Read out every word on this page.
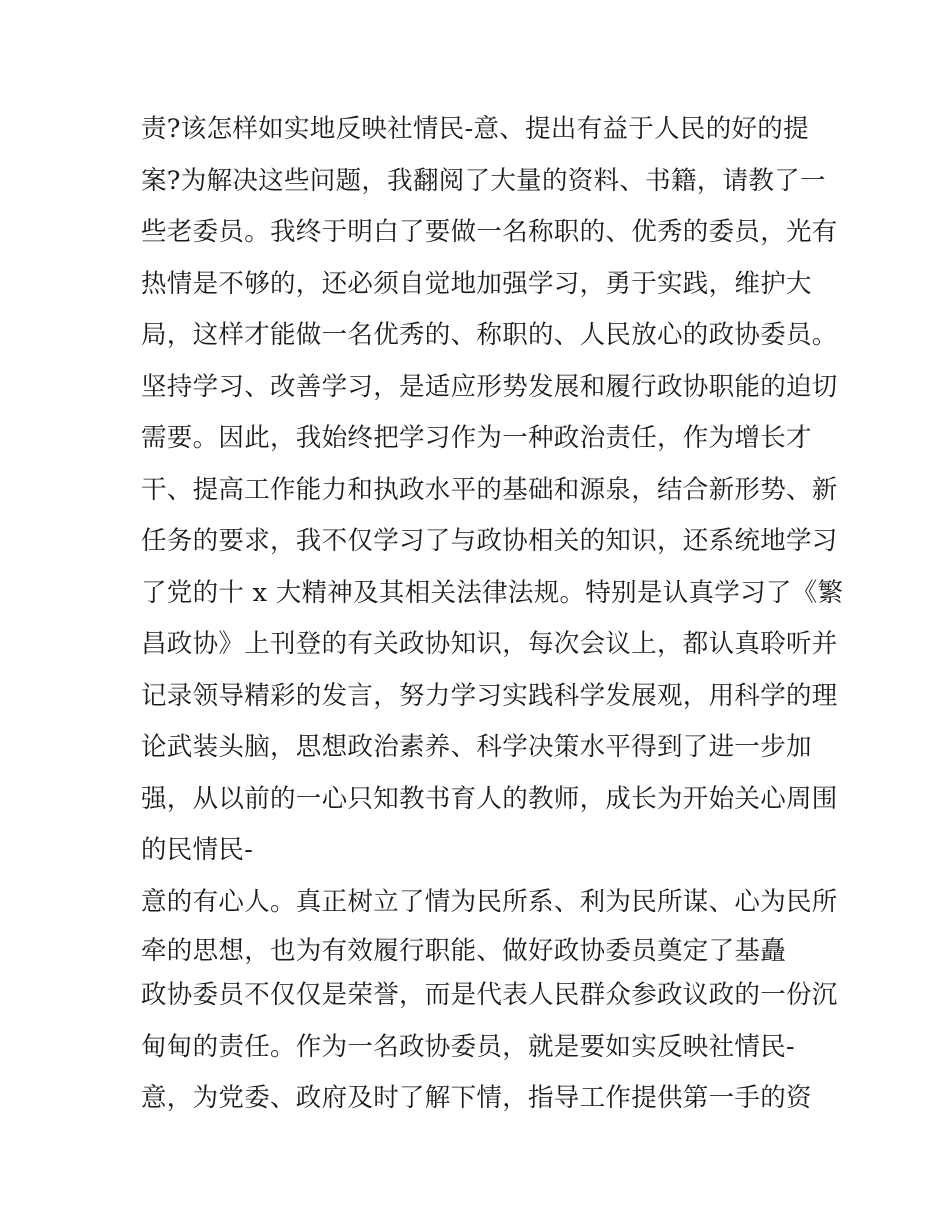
责?该怎样如实地反映社情民-意、提出有益于人民的好的提
案?为解决这些问题，我翻阅了大量的资料、书籍，请教了一
些老委员。我终于明白了要做一名称职的、优秀的委员，光有
热情是不够的，还必须自觉地加强学习，勇于实践，维护大
局，这样才能做一名优秀的、称职的、人民放心的政协委员。
坚持学习、改善学习，是适应形势发展和履行政协职能的迫切
需要。因此，我始终把学习作为一种政治责任，作为增长才
干、提高工作能力和执政水平的基础和源泉，结合新形势、新
任务的要求，我不仅学习了与政协相关的知识，还系统地学习
了党的十 x 大精神及其相关法律法规。特别是认真学习了《繁
昌政协》上刊登的有关政协知识，每次会议上，都认真聆听并
记录领导精彩的发言，努力学习实践科学发展观，用科学的理
论武装头脑，思想政治素养、科学决策水平得到了进一步加
强，从以前的一心只知教书育人的教师，成长为开始关心周围
的民情民-
意的有心人。真正树立了情为民所系、利为民所谋、心为民所
牵的思想，也为有效履行职能、做好政协委员奠定了基矗
政协委员不仅仅是荣誉，而是代表人民群众参政议政的一份沉
甸甸的责任。作为一名政协委员，就是要如实反映社情民-
意，为党委、政府及时了解下情，指导工作提供第一手的资
